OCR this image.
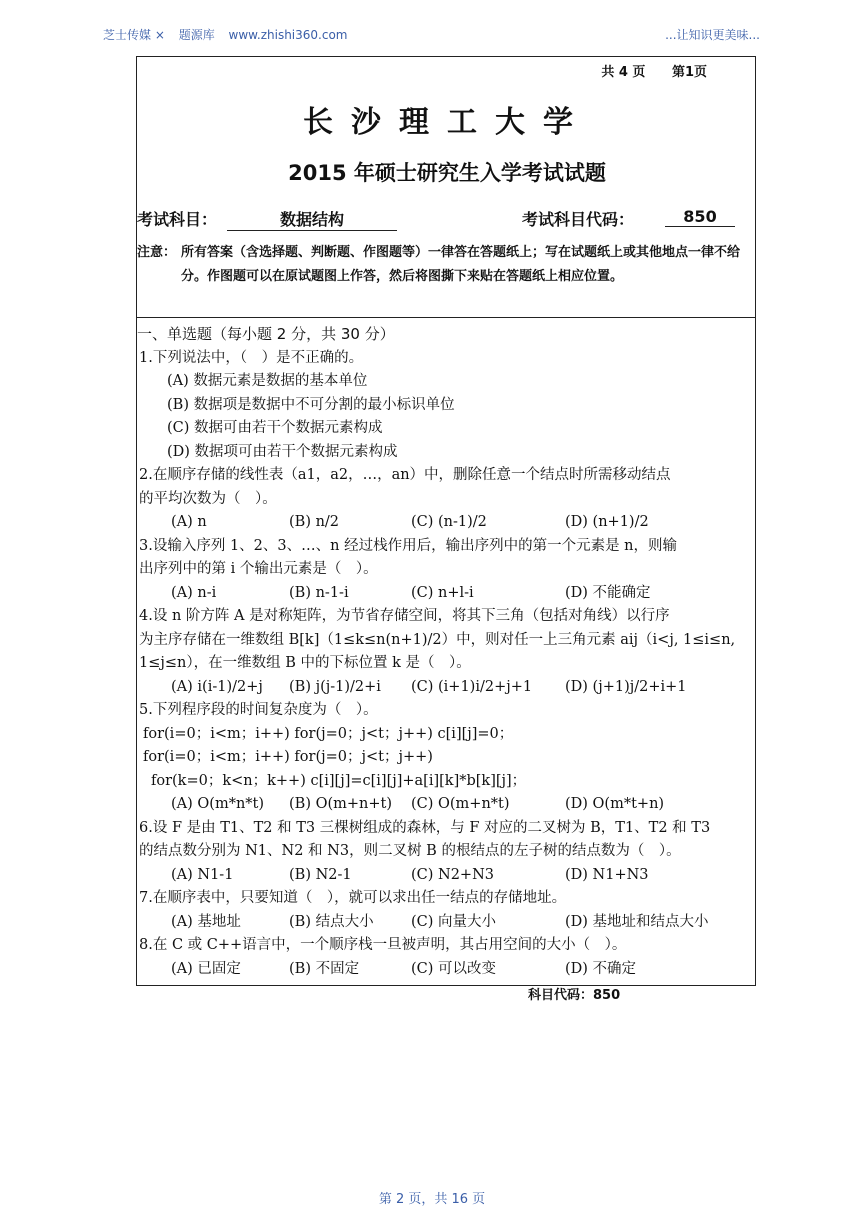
芝士传媒 × 题源库 www.zhishi360.com	...让知识更美味...
共 4 页 第1页
长沙理工大学
2015 年硕士研究生入学考试试题
考试科目：	数据结构	考试科目代码：	850
注意： 所有答案（含选择题、判断题、作图题等）一律答在答题纸上；写在试题纸上或其他地点一律不给分。作图题可以在原试题图上作答，然后将图撕下来贴在答题纸上相应位置。
一、单选题（每小题 2 分，共 30 分）
1.下列说法中，（　）是不正确的。
(A) 数据元素是数据的基本单位
(B) 数据项是数据中不可分割的最小标识单位
(C) 数据可由若干个数据元素构成
(D) 数据项可由若干个数据元素构成
2.在顺序存储的线性表（a1，a2，…，an）中，删除任意一个结点时所需移动结点
的平均次数为（　）。
(A) n	(B) n/2	(C) (n-1)/2	(D) (n+1)/2
3.设输入序列 1、2、3、…、n 经过栈作用后，输出序列中的第一个元素是 n，则输
出序列中的第 i 个输出元素是（　）。
(A) n-i	(B) n-1-i	(C) n+l-i	(D) 不能确定
4.设 n 阶方阵 A 是对称矩阵，为节省存储空间，将其下三角（包括对角线）以行序
为主序存储在一维数组 B[k]（1≤k≤n(n+1)/2）中，则对任一上三角元素 aij（i<j, 1≤i≤n,
1≤j≤n），在一维数组 B 中的下标位置 k 是（　）。
(A) i(i-1)/2+j	(B) j(j-1)/2+i	(C) (i+1)i/2+j+1	(D) (j+1)j/2+i+1
5.下列程序段的时间复杂度为（　）。
for(i=0；i<m；i++) for(j=0；j<t；j++) c[i][j]=0；
for(i=0；i<m；i++) for(j=0；j<t；j++)
for(k=0；k<n；k++) c[i][j]=c[i][j]+a[i][k]*b[k][j]；
(A) O(m*n*t)	(B) O(m+n+t)	(C) O(m+n*t)	(D) O(m*t+n)
6.设 F 是由 T1、T2 和 T3 三棵树组成的森林，与 F 对应的二叉树为 B，T1、T2 和 T3
的结点数分别为 N1、N2 和 N3，则二叉树 B 的根结点的左子树的结点数为（　）。
(A) N1-1	(B) N2-1	(C) N2+N3	(D) N1+N3
7.在顺序表中，只要知道（　），就可以求出任一结点的存储地址。
(A) 基地址	(B) 结点大小	(C) 向量大小	(D) 基地址和结点大小
8.在 C 或 C++语言中，一个顺序栈一旦被声明，其占用空间的大小（　）。
(A) 已固定	(B) 不固定	(C) 可以改变	(D) 不确定
科目代码：850
第 2 页，共 16 页
